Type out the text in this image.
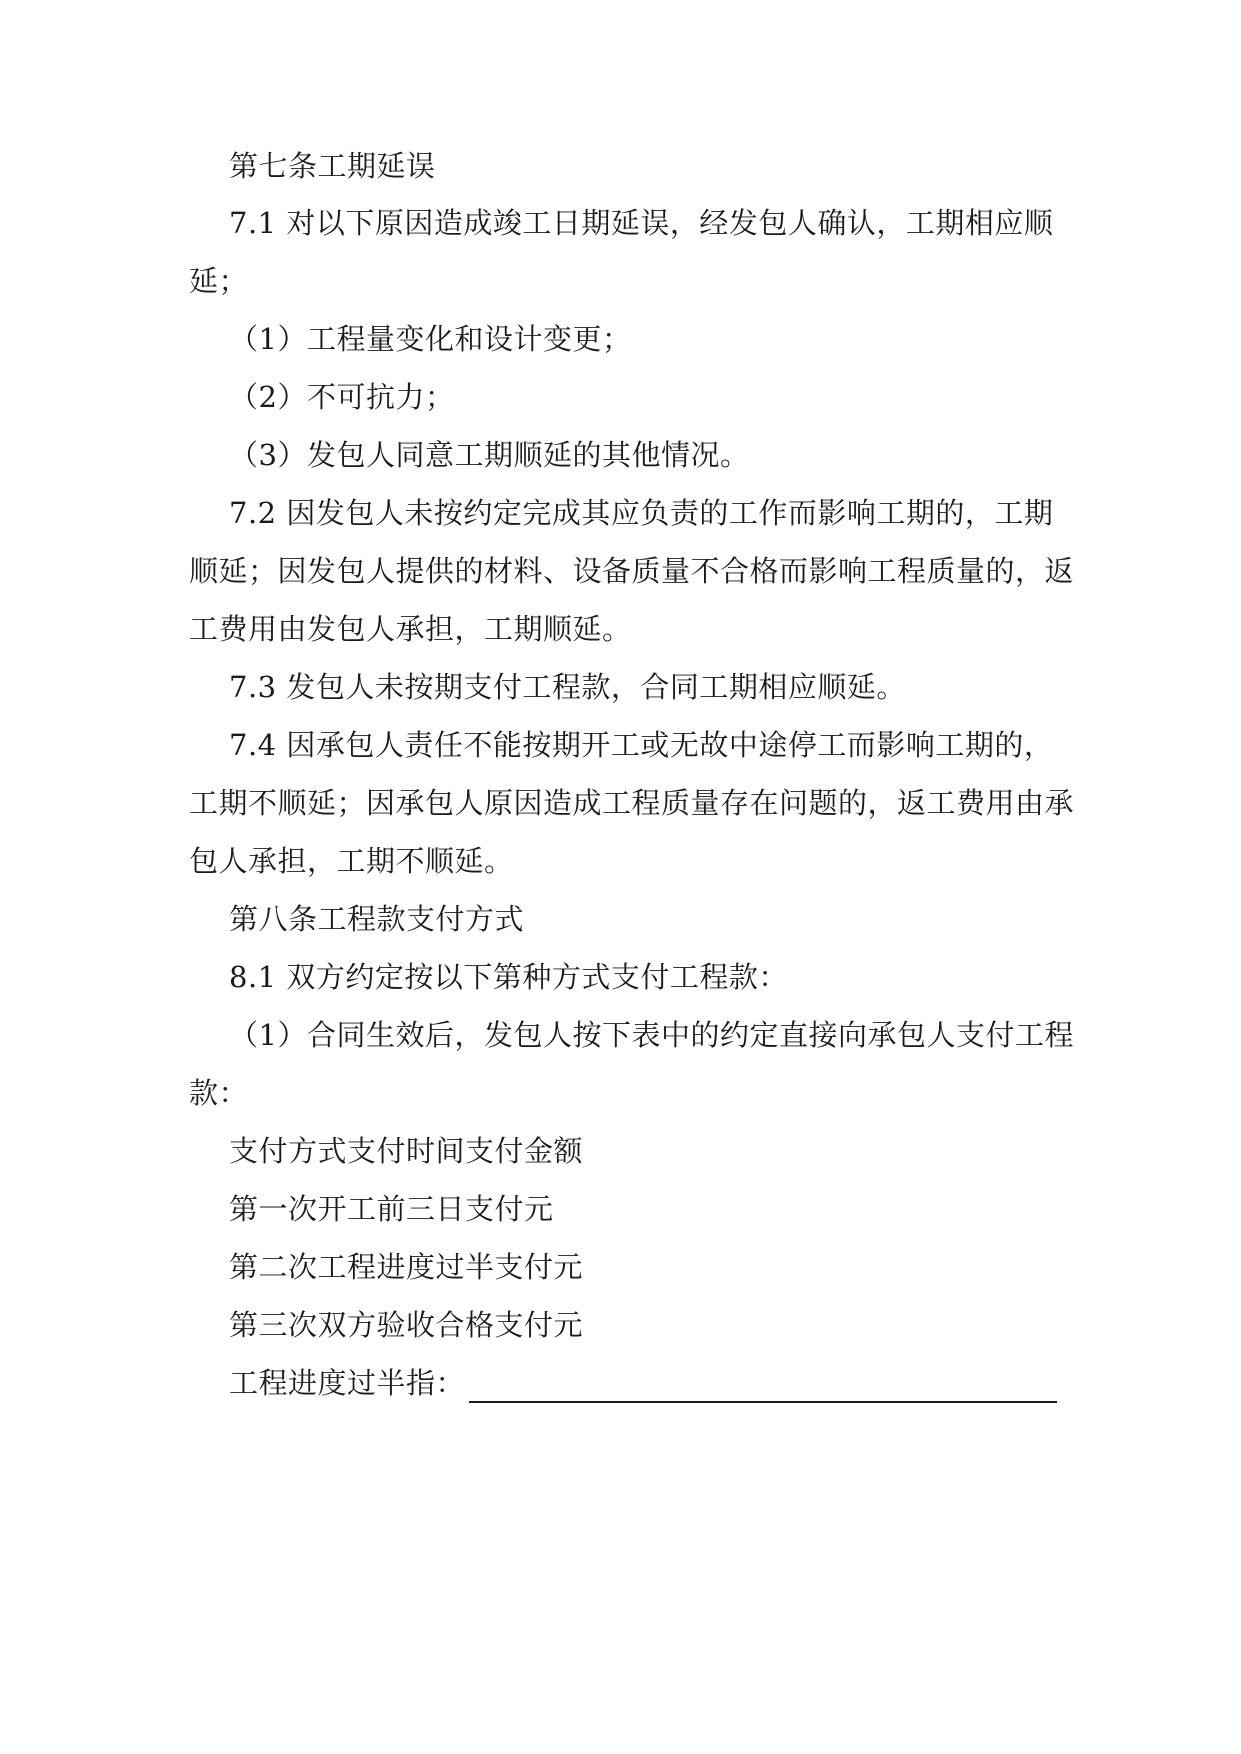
第七条工期延误

7.1 对以下原因造成竣工日期延误，经发包人确认，工期相应顺

延；

（1）工程量变化和设计变更；

（2）不可抗力；

（3）发包人同意工期顺延的其他情况。

7.2 因发包人未按约定完成其应负责的工作而影响工期的，工期

顺延；因发包人提供的材料、设备质量不合格而影响工程质量的，返

工费用由发包人承担，工期顺延。

7.3 发包人未按期支付工程款，合同工期相应顺延。

7.4 因承包人责任不能按期开工或无故中途停工而影响工期的，

工期不顺延；因承包人原因造成工程质量存在问题的，返工费用由承

包人承担，工期不顺延。

第八条工程款支付方式

8.1 双方约定按以下第种方式支付工程款：

（1）合同生效后，发包人按下表中的约定直接向承包人支付工程

款：

支付方式支付时间支付金额

第一次开工前三日支付元

第二次工程进度过半支付元

第三次双方验收合格支付元

工程进度过半指：
